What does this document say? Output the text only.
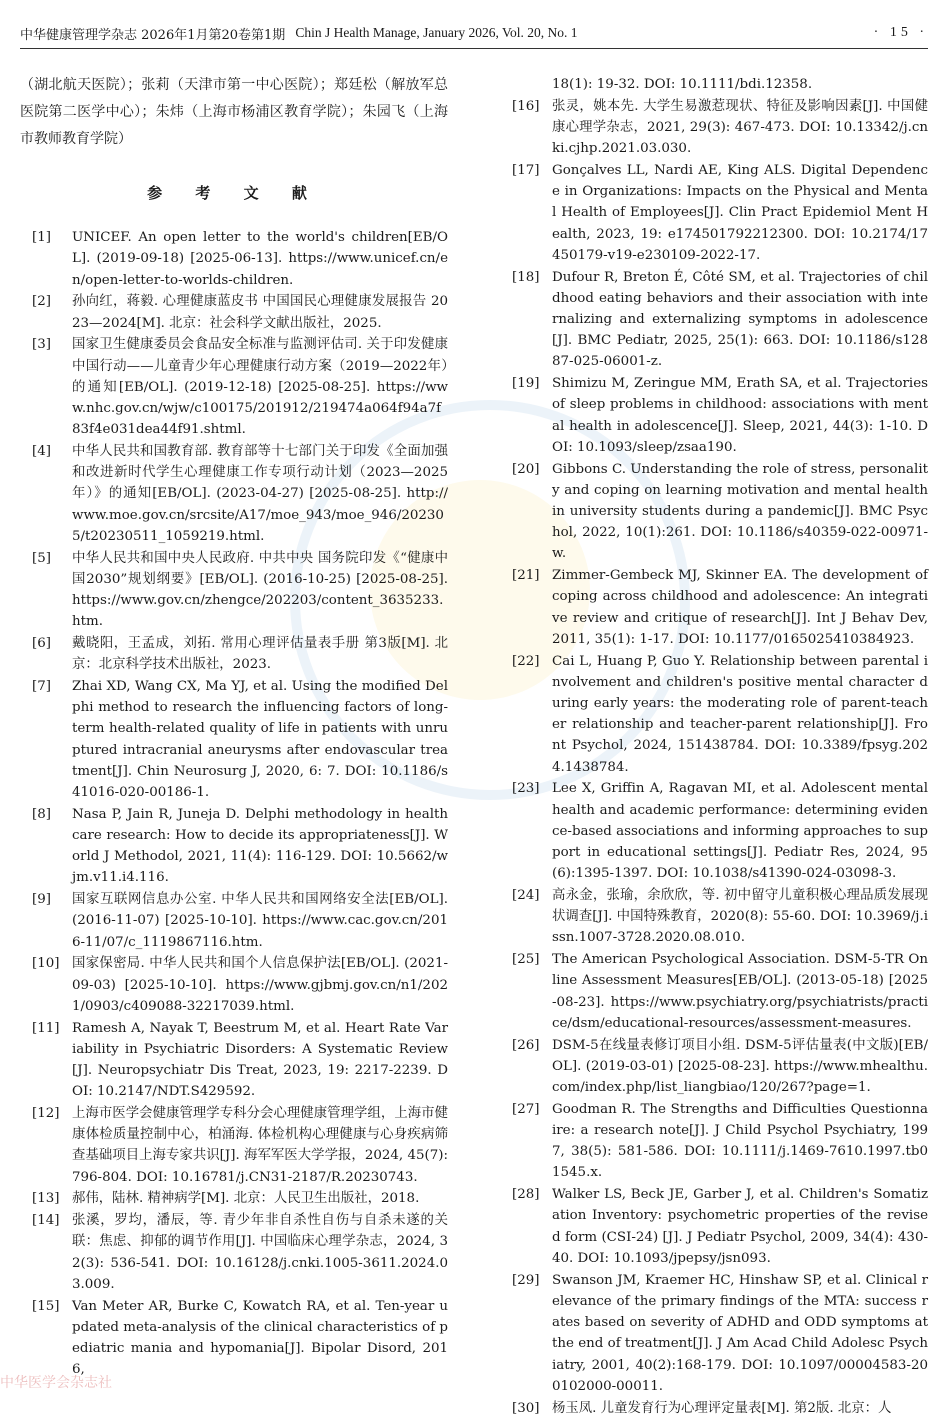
中华健康管理学杂志 2026年1月第20卷第1期 Chin J Health Manage, January 2026, Vol. 20, No. 1	· 15 ·
（湖北航天医院）；张莉（天津市第一中心医院）；郑廷松（解放军总医院第二医学中心）；朱炜（上海市杨浦区教育学院）；朱园飞（上海市教师教育学院）
参 考 文 献
[1]	UNICEF. An open letter to the world's children[EB/OL]. (2019-09-18) [2025-06-13]. https://www.unicef.cn/en/open-letter-to-worlds-children.
[2]	孙向红，蒋毅. 心理健康蓝皮书 中国国民心理健康发展报告 2023—2024[M]. 北京：社会科学文献出版社，2025.
[3]	国家卫生健康委员会食品安全标准与监测评估司. 关于印发健康中国行动——儿童青少年心理健康行动方案（2019—2022年）的通知[EB/OL]. (2019-12-18) [2025-08-25]. https://www.nhc.gov.cn/wjw/c100175/201912/219474a064f94a7f83f4e031dea44f91.shtml.
[4]	中华人民共和国教育部. 教育部等十七部门关于印发《全面加强和改进新时代学生心理健康工作专项行动计划（2023—2025年）》的通知[EB/OL]. (2023-04-27) [2025-08-25]. http://www.moe.gov.cn/srcsite/A17/moe_943/moe_946/202305/t20230511_1059219.html.
[5]	中华人民共和国中央人民政府. 中共中央 国务院印发《“健康中国2030”规划纲要》[EB/OL]. (2016-10-25) [2025-08-25]. https://www.gov.cn/zhengce/202203/content_3635233.htm.
[6]	戴晓阳，王孟成，刘拓. 常用心理评估量表手册 第3版[M]. 北京：北京科学技术出版社，2023.
[7]	Zhai XD, Wang CX, Ma YJ, et al. Using the modified Delphi method to research the influencing factors of long-term health-related quality of life in patients with unruptured intracranial aneurysms after endovascular treatment[J]. Chin Neurosurg J, 2020, 6: 7. DOI: 10.1186/s41016-020-00186-1.
[8]	Nasa P, Jain R, Juneja D. Delphi methodology in healthcare research: How to decide its appropriateness[J]. World J Methodol, 2021, 11(4): 116-129. DOI: 10.5662/wjm.v11.i4.116.
[9]	国家互联网信息办公室. 中华人民共和国网络安全法[EB/OL]. (2016-11-07) [2025-10-10]. https://www.cac.gov.cn/2016-11/07/c_1119867116.htm.
[10] 国家保密局. 中华人民共和国个人信息保护法[EB/OL]. (2021-09-03) [2025-10-10]. https://www.gjbmj.gov.cn/n1/2021/0903/c409088-32217039.html.
[11] Ramesh A, Nayak T, Beestrum M, et al. Heart Rate Variability in Psychiatric Disorders: A Systematic Review[J]. Neuropsychiatr Dis Treat, 2023, 19: 2217-2239. DOI: 10.2147/NDT.S429592.
[12] 上海市医学会健康管理学专科分会心理健康管理学组，上海市健康体检质量控制中心，柏涌海. 体检机构心理健康与心身疾病筛查基础项目上海专家共识[J]. 海军军医大学学报，2024, 45(7):796-804. DOI: 10.16781/j.CN31-2187/R.20230743.
[13] 郝伟，陆林. 精神病学[M]. 北京：人民卫生出版社，2018.
[14] 张溪，罗均，潘辰，等. 青少年非自杀性自伤与自杀未遂的关联：焦虑、抑郁的调节作用[J]. 中国临床心理学杂志，2024, 32(3): 536-541. DOI: 10.16128/j.cnki.1005-3611.2024.03.009.
[15] Van Meter AR, Burke C, Kowatch RA, et al. Ten-year updated meta-analysis of the clinical characteristics of pediatric mania and hypomania[J]. Bipolar Disord, 2016,
18(1): 19-32. DOI: 10.1111/bdi.12358.
[16] 张灵，姚本先. 大学生易激惹现状、特征及影响因素[J]. 中国健康心理学杂志，2021, 29(3): 467-473. DOI: 10.13342/j.cnki.cjhp.2021.03.030.
[17] Gonçalves LL, Nardi AE, King ALS. Digital Dependence in Organizations: Impacts on the Physical and Mental Health of Employees[J]. Clin Pract Epidemiol Ment Health, 2023, 19: e174501792212300. DOI: 10.2174/17450179-v19-e230109-2022-17.
[18] Dufour R, Breton É, Côté SM, et al. Trajectories of childhood eating behaviors and their association with internalizing and externalizing symptoms in adolescence[J]. BMC Pediatr, 2025, 25(1): 663. DOI: 10.1186/s12887-025-06001-z.
[19] Shimizu M, Zeringue MM, Erath SA, et al. Trajectories of sleep problems in childhood: associations with mental health in adolescence[J]. Sleep, 2021, 44(3): 1-10. DOI: 10.1093/sleep/zsaa190.
[20] Gibbons C. Understanding the role of stress, personality and coping on learning motivation and mental health in university students during a pandemic[J]. BMC Psychol, 2022, 10(1):261. DOI: 10.1186/s40359-022-00971-w.
[21] Zimmer-Gembeck MJ, Skinner EA. The development of coping across childhood and adolescence: An integrative review and critique of research[J]. Int J Behav Dev, 2011, 35(1): 1-17. DOI: 10.1177/0165025410384923.
[22] Cai L, Huang P, Guo Y. Relationship between parental involvement and children's positive mental character during early years: the moderating role of parent-teacher relationship and teacher-parent relationship[J]. Front Psychol, 2024, 151438784. DOI: 10.3389/fpsyg.2024.1438784.
[23] Lee X, Griffin A, Ragavan MI, et al. Adolescent mental health and academic performance: determining evidence-based associations and informing approaches to support in educational settings[J]. Pediatr Res, 2024, 95(6):1395-1397. DOI: 10.1038/s41390-024-03098-3.
[24] 高永金，张瑜，余欣欣，等. 初中留守儿童积极心理品质发展现状调查[J]. 中国特殊教育，2020(8): 55-60. DOI: 10.3969/j.issn.1007-3728.2020.08.010.
[25] The American Psychological Association. DSM-5-TR Online Assessment Measures[EB/OL]. (2013-05-18) [2025-08-23]. https://www.psychiatry.org/psychiatrists/practice/dsm/educational-resources/assessment-measures.
[26] DSM-5在线量表修订项目小组. DSM-5评估量表(中文版)[EB/OL]. (2019-03-01) [2025-08-23]. https://www.mhealthu.com/index.php/list_liangbiao/120/267?page=1.
[27] Goodman R. The Strengths and Difficulties Questionnaire: a research note[J]. J Child Psychol Psychiatry, 1997, 38(5): 581-586. DOI: 10.1111/j.1469-7610.1997.tb01545.x.
[28] Walker LS, Beck JE, Garber J, et al. Children's Somatization Inventory: psychometric properties of the revised form (CSI-24) [J]. J Pediatr Psychol, 2009, 34(4): 430-40. DOI: 10.1093/jpepsy/jsn093.
[29] Swanson JM, Kraemer HC, Hinshaw SP, et al. Clinical relevance of the primary findings of the MTA: success rates based on severity of ADHD and ODD symptoms at the end of treatment[J]. J Am Acad Child Adolesc Psychiatry, 2001, 40(2):168-179. DOI: 10.1097/00004583-200102000-00011.
[30] 杨玉凤. 儿童发育行为心理评定量表[M]. 第2版. 北京：人
中华医学会杂志社
